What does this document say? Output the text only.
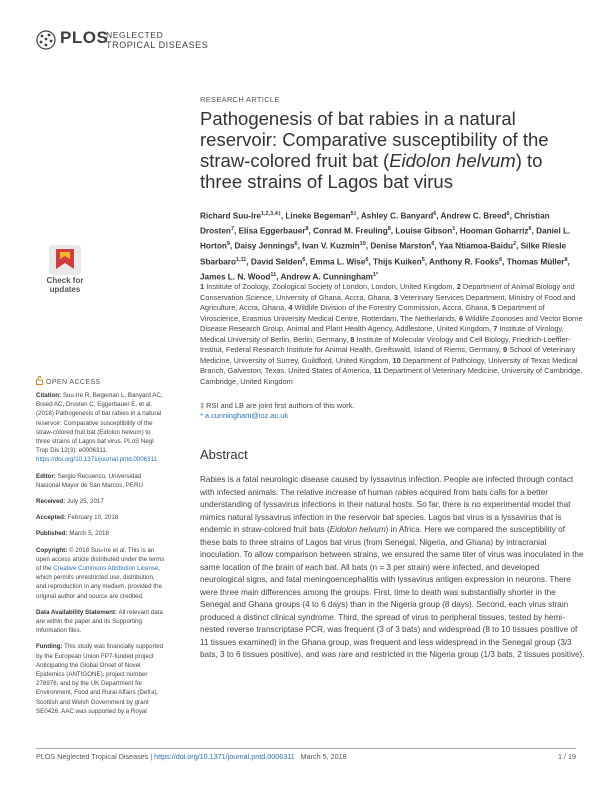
PLOS
NEGLECTED
TROPICAL DISEASES
RESEARCH ARTICLE
Pathogenesis of bat rabies in a natural reservoir: Comparative susceptibility of the straw-colored fruit bat (Eidolon helvum) to three strains of Lagos bat virus
Richard Suu-Ire$^{1,2,3,4\ddagger}$, Lineke Begeman$^{5\ddagger}$, Ashley C. Banyard$^6$, Andrew C. Breed$^6$, Christian Drosten$^7$, Elisa Eggerbauer$^8$, Conrad M. Freuling$^8$, Louise Gibson$^1$, Hooman Goharriz$^6$, Daniel L. Horton$^9$, Daisy Jennings$^6$, Ivan V. Kuzmin$^{10}$, Denise Marston$^6$, Yaa Ntiamoa-Baidu$^2$, Silke Riesle Sbarbaro$^{1,11}$, David Selden$^6$, Emma L. Wise$^6$, Thijs Kuiken$^5$, Anthony R. Fooks$^6$, Thomas Müller$^8$, James L. N. Wood$^{11}$, Andrew A. Cunningham$^{1*}$
1 Institute of Zoology, Zoological Society of London, London, United Kingdom, 2 Department of Animal Biology and Conservation Science, University of Ghana, Accra, Ghana, 3 Veterinary Services Department, Ministry of Food and Agriculture, Accra, Ghana, 4 Wildlife Division of the Forestry Commission, Accra, Ghana, 5 Department of Viroscience, Erasmus University Medical Centre, Rotterdam, The Netherlands, 6 Wildlife Zoonoses and Vector Borne Disease Research Group, Animal and Plant Health Agency, Addlestone, United Kingdom, 7 Institute of Virology, Medical University of Berlin, Berlin, Germany, 8 Institute of Molecular Virology and Cell Biology, Friedrich-Loeffler-Institut, Federal Research Institute for Animal Health, Greifswald, Island of Riems, Germany, 9 School of Veterinary Medicine, University of Surrey, Guildford, United Kingdom, 10 Department of Pathology, University of Texas Medical Branch, Galveston, Texas, United States of America, 11 Department of Veterinary Medicine, University of Cambridge, Cambridge, United Kingdom
‡ RSI and LB are joint first authors of this work.
* a.cunningham@ioz.ac.uk
Abstract
Rabies is a fatal neurologic disease caused by lyssavirus infection. People are infected through contact with infected animals. The relative increase of human rabies acquired from bats calls for a better understanding of lyssavirus infections in their natural hosts. So far, there is no experimental model that mimics natural lyssavirus infection in the reservoir bat species. Lagos bat virus is a lyssavirus that is endemic in straw-colored fruit bats (Eidolon helvum) in Africa. Here we compared the susceptibility of these bats to three strains of Lagos bat virus (from Senegal, Nigeria, and Ghana) by intracranial inoculation. To allow comparison between strains, we ensured the same titer of virus was inoculated in the same location of the brain of each bat. All bats (n = 3 per strain) were infected, and developed neurological signs, and fatal meningoencephalitis with lyssavirus antigen expression in neurons. There were three main differences among the groups. First, time to death was substantially shorter in the Senegal and Ghana groups (4 to 6 days) than in the Nigeria group (8 days). Second, each virus strain produced a distinct clinical syndrome. Third, the spread of virus to peripheral tissues, tested by hemi-nested reverse transcriptase PCR, was frequent (3 of 3 bats) and widespread (8 to 10 tissues positive of 11 tissues examined) in the Ghana group, was frequent and less widespread in the Senegal group (3/3 bats, 3 to 6 tissues positive), and was rare and restricted in the Nigeria group (1/3 bats, 2 tissues positive).
Check for
updates
OPEN ACCESS

Citation: Suu-Ire R, Begeman L, Banyard AC, Breed AC, Drosten C, Eggerbauer E, et al. (2018) Pathogenesis of bat rabies in a natural reservoir: Comparative susceptibility of the straw-colored fruit bat (Eidolon helvum) to three strains of Lagos bat virus. PLoS Negl Trop Dis 12(3): e0006311. https://doi.org/10.1371/journal.pntd.0006311

Editor: Sergio Recuenco, Universidad Nacional Mayor de San Marcos, PERU

Received: July 25, 2017

Accepted: February 10, 2018

Published: March 5, 2018

Copyright: © 2018 Suu-Ire et al. This is an open access article distributed under the terms of the Creative Commons Attribution License, which permits unrestricted use, distribution, and reproduction in any medium, provided the original author and source are credited.

Data Availability Statement: All relevant data are within the paper and its Supporting Information files.

Funding: This study was financially supported by the European Union FP7-funded project Anticipating the Global Onset of Novel Epidemics (ANTIGONE), project number 278976, and by the UK Department for Environment, Food and Rural Affairs (Defra), Scottish and Welsh Government by grant SE0426. AAC was supported by a Royal

PLOS Neglected Tropical Diseases | https://doi.org/10.1371/journal.pntd.0006311 March 5, 2018	1 / 19
